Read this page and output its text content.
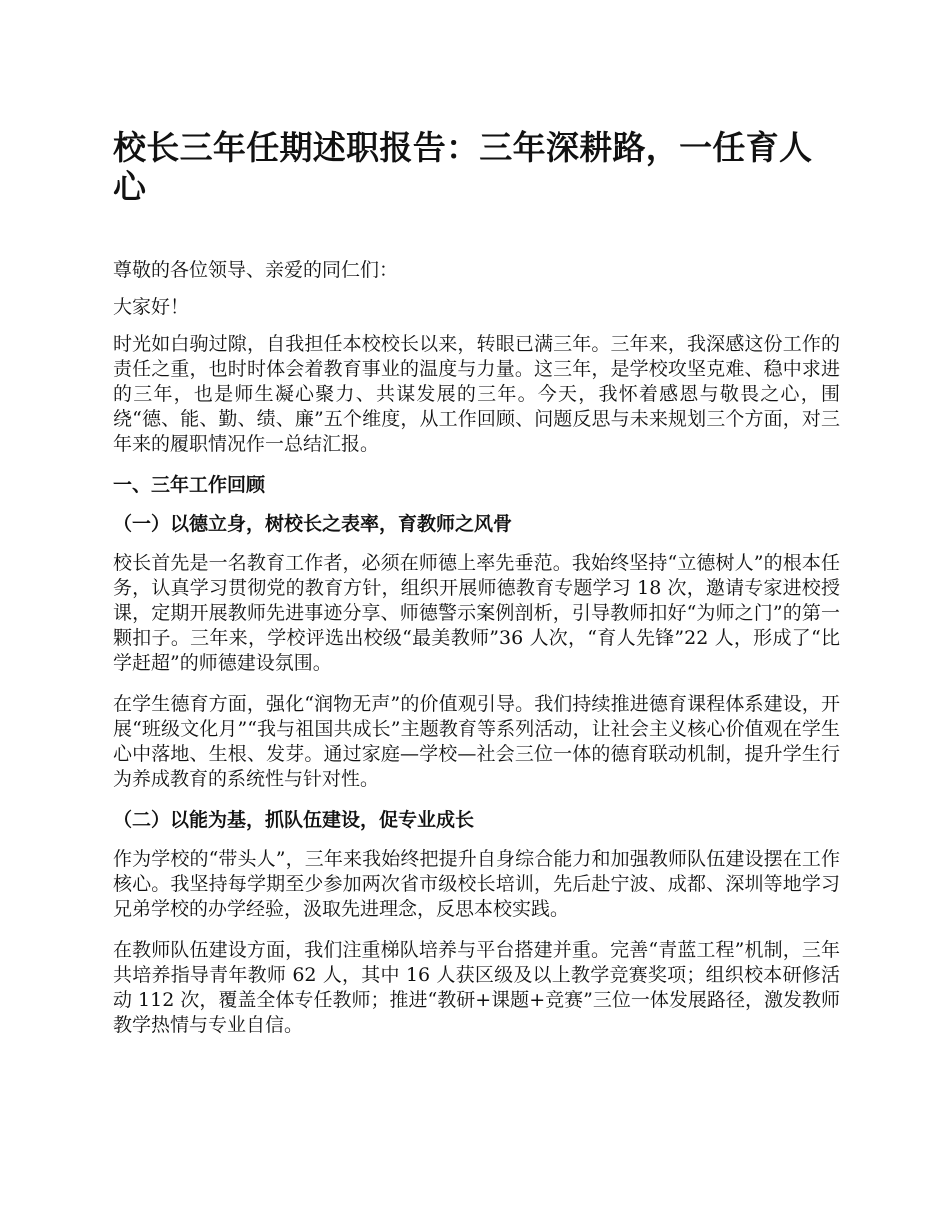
校长三年任期述职报告：三年深耕路，一任育人心

尊敬的各位领导、亲爱的同仁们：

大家好！

时光如白驹过隙，自我担任本校校长以来，转眼已满三年。三年来，我深感这份工作的责任之重，也时时体会着教育事业的温度与力量。这三年，是学校攻坚克难、稳中求进的三年，也是师生凝心聚力、共谋发展的三年。今天，我怀着感恩与敬畏之心，围绕“德、能、勤、绩、廉”五个维度，从工作回顾、问题反思与未来规划三个方面，对三年来的履职情况作一总结汇报。

一、三年工作回顾
（一）以德立身，树校长之表率，育教师之风骨

校长首先是一名教育工作者，必须在师德上率先垂范。我始终坚持“立德树人”的根本任务，认真学习贯彻党的教育方针，组织开展师德教育专题学习 18 次，邀请专家进校授课，定期开展教师先进事迹分享、师德警示案例剖析，引导教师扣好“为师之门”的第一颗扣子。三年来，学校评选出校级“最美教师”36 人次，“育人先锋”22 人，形成了“比学赶超”的师德建设氛围。

在学生德育方面，强化“润物无声”的价值观引导。我们持续推进德育课程体系建设，开展“班级文化月”“我与祖国共成长”主题教育等系列活动，让社会主义核心价值观在学生心中落地、生根、发芽。通过家庭—学校—社会三位一体的德育联动机制，提升学生行为养成教育的系统性与针对性。

（二）以能为基，抓队伍建设，促专业成长

作为学校的“带头人”，三年来我始终把提升自身综合能力和加强教师队伍建设摆在工作核心。我坚持每学期至少参加两次省市级校长培训，先后赴宁波、成都、深圳等地学习兄弟学校的办学经验，汲取先进理念，反思本校实践。

在教师队伍建设方面，我们注重梯队培养与平台搭建并重。完善“青蓝工程”机制，三年共培养指导青年教师 62 人，其中 16 人获区级及以上教学竞赛奖项；组织校本研修活动 112 次，覆盖全体专任教师；推进“教研+课题+竞赛”三位一体发展路径，激发教师教学热情与专业自信。
